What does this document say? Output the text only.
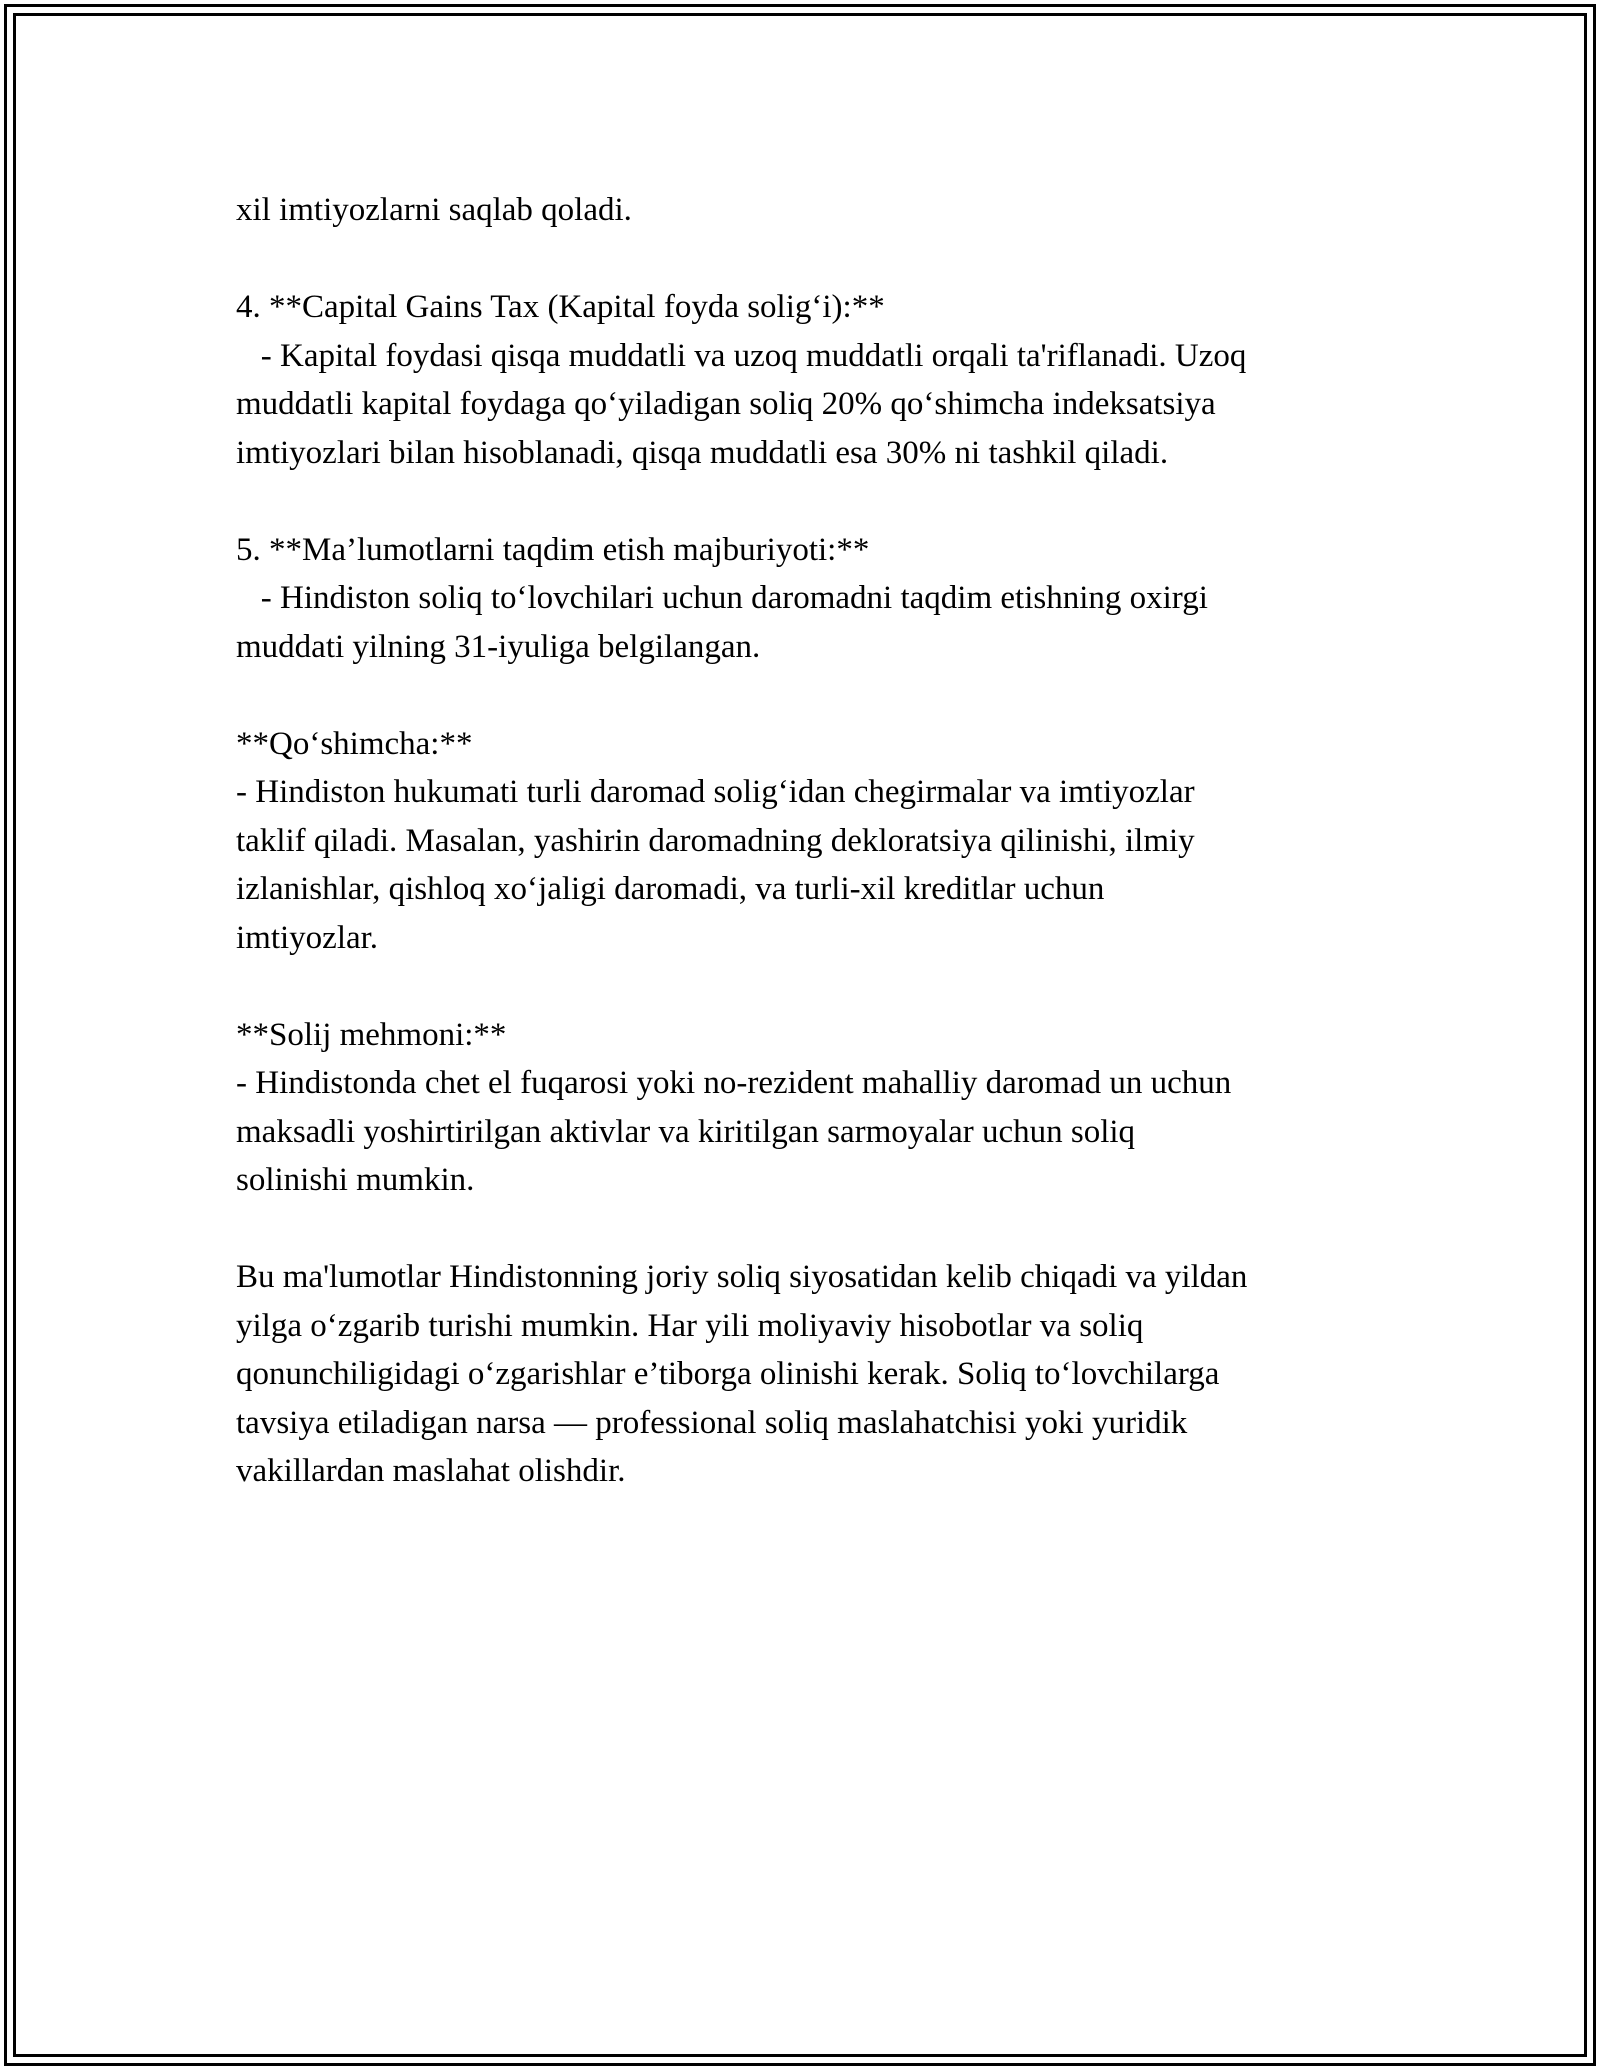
xil imtiyozlarni saqlab qoladi.
4. **Capital Gains Tax (Kapital foyda solig‘i):**
- Kapital foydasi qisqa muddatli va uzoq muddatli orqali ta'riflanadi. Uzoq
muddatli kapital foydaga qo‘yiladigan soliq 20% qo‘shimcha indeksatsiya
imtiyozlari bilan hisoblanadi, qisqa muddatli esa 30% ni tashkil qiladi.
5. **Ma’lumotlarni taqdim etish majburiyoti:**
- Hindiston soliq to‘lovchilari uchun daromadni taqdim etishning oxirgi
muddati yilning 31-iyuliga belgilangan.
**Qo‘shimcha:**
- Hindiston hukumati turli daromad solig‘idan chegirmalar va imtiyozlar
taklif qiladi. Masalan, yashirin daromadning dekloratsiya qilinishi, ilmiy
izlanishlar, qishloq xo‘jaligi daromadi, va turli-xil kreditlar uchun
imtiyozlar.
**Solij mehmoni:**
- Hindistonda chet el fuqarosi yoki no-rezident mahalliy daromad un uchun
maksadli yoshirtirilgan aktivlar va kiritilgan sarmoyalar uchun soliq
solinishi mumkin.
Bu ma'lumotlar Hindistonning joriy soliq siyosatidan kelib chiqadi va yildan
yilga o‘zgarib turishi mumkin. Har yili moliyaviy hisobotlar va soliq
qonunchiligidagi o‘zgarishlar e’tiborga olinishi kerak. Soliq to‘lovchilarga
tavsiya etiladigan narsa — professional soliq maslahatchisi yoki yuridik
vakillardan maslahat olishdir.
